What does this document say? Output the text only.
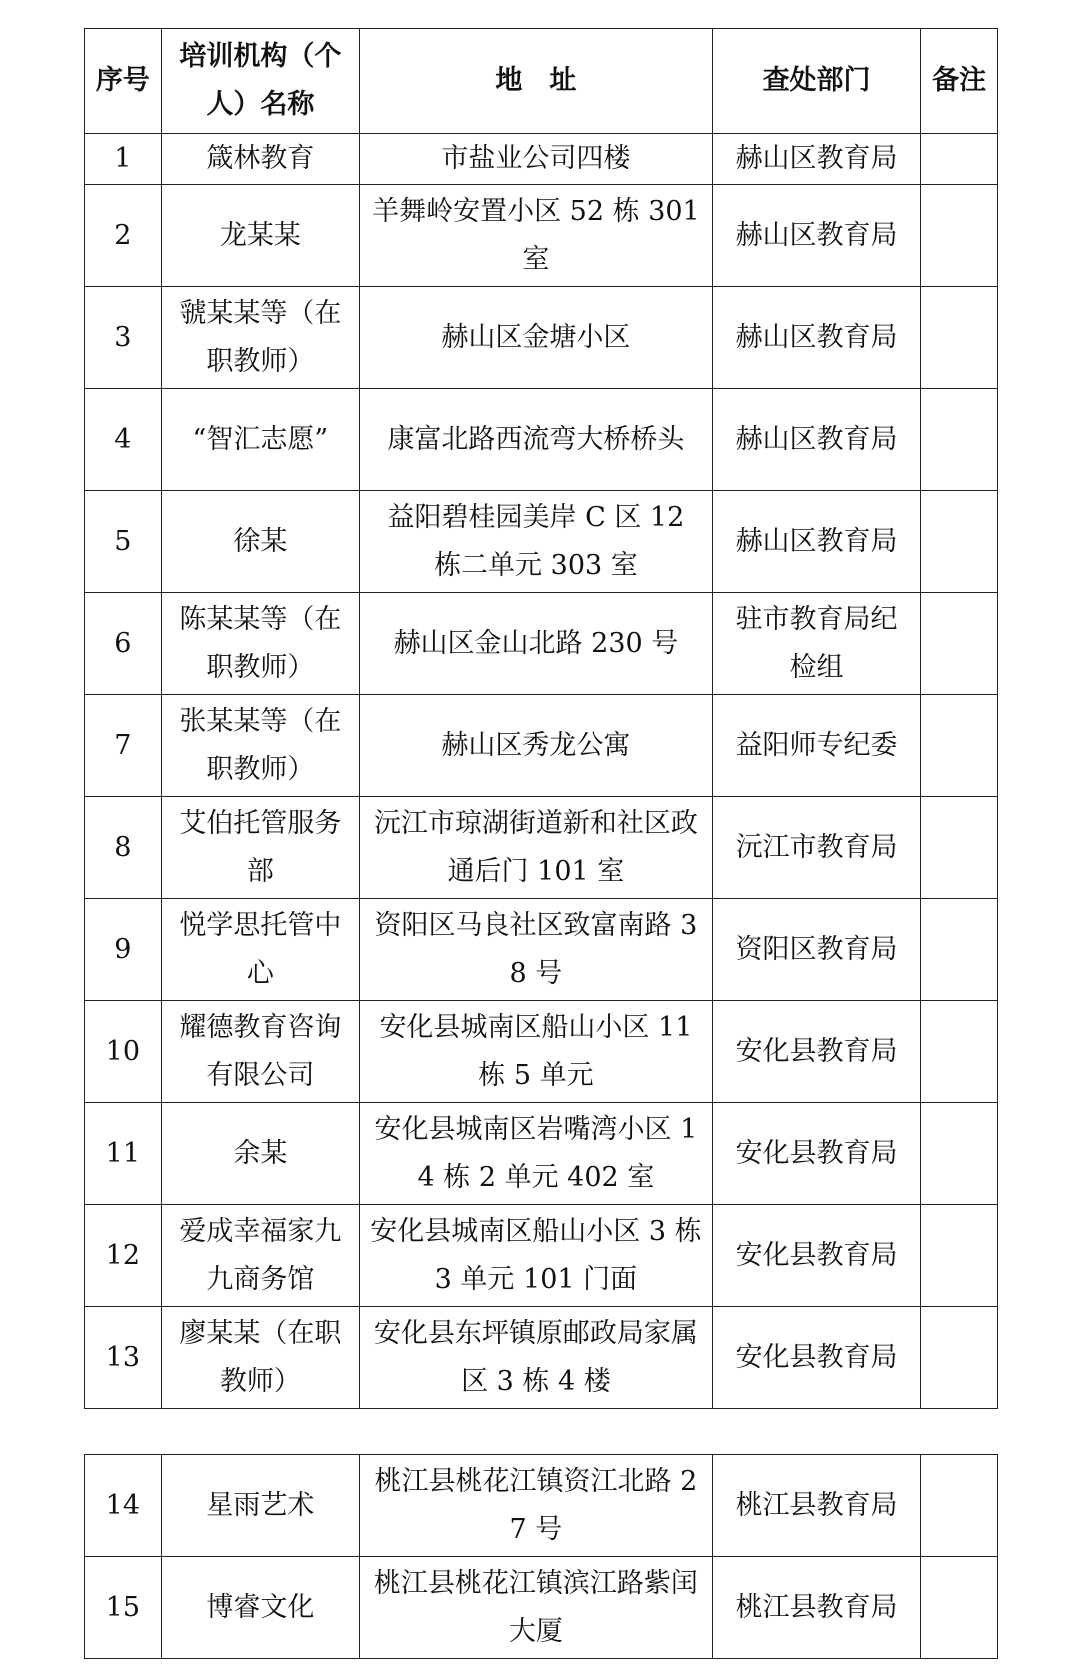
序号	培训机构（个人）名称	地　址	查处部门	备注
1	箴林教育	市盐业公司四楼	赫山区教育局	
2	龙某某	羊舞岭安置小区 52 栋 301 室	赫山区教育局	
3	虢某某等（在职教师）	赫山区金塘小区	赫山区教育局	
4	“智汇志愿”	康富北路西流弯大桥桥头	赫山区教育局	
5	徐某	益阳碧桂园美岸 C 区 12 栋二单元 303 室	赫山区教育局	
6	陈某某等（在职教师）	赫山区金山北路 230 号	驻市教育局纪检组	
7	张某某等（在职教师）	赫山区秀龙公寓	益阳师专纪委	
8	艾伯托管服务部	沅江市琼湖街道新和社区政通后门 101 室	沅江市教育局	
9	悦学思托管中心	资阳区马良社区致富南路 38 号	资阳区教育局	
10	耀德教育咨询有限公司	安化县城南区船山小区 11 栋 5 单元	安化县教育局	
11	余某	安化县城南区岩嘴湾小区 14 栋 2 单元 402 室	安化县教育局	
12	爱成幸福家九九商务馆	安化县城南区船山小区 3 栋 3 单元 101 门面	安化县教育局	
13	廖某某（在职教师）	安化县东坪镇原邮政局家属区 3 栋 4 楼	安化县教育局	
14	星雨艺术	桃江县桃花江镇资江北路 27 号	桃江县教育局	
15	博睿文化	桃江县桃花江镇滨江路紫闰大厦	桃江县教育局	
